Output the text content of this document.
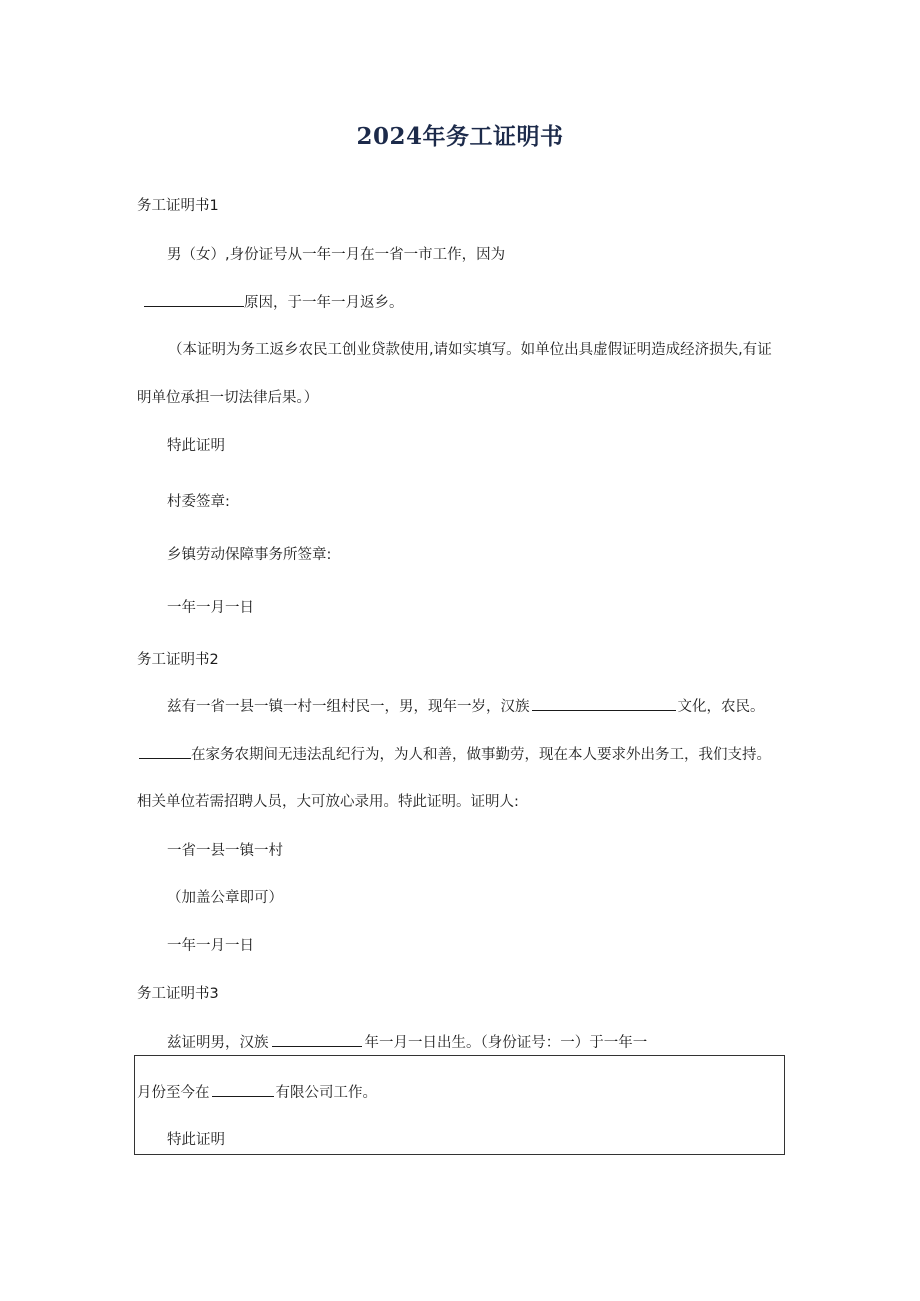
2024年务工证明书
务工证明书1
男（女）,身份证号从一年一月在一省一市工作，因为
原因，于一年一月返乡。
（本证明为务工返乡农民工创业贷款使用,请如实填写。如单位出具虚假证明造成经济损失,有证
明单位承担一切法律后果。）
特此证明
村委签章:
乡镇劳动保障事务所签章:
一年一月一日
务工证明书2
兹有一省一县一镇一村一组村民一，男，现年一岁，汉族	文化，农民。
在家务农期间无违法乱纪行为，为人和善，做事勤劳，现在本人要求外出务工，我们支持。
相关单位若需招聘人员，大可放心录用。特此证明。证明人:
一省一县一镇一村
（加盖公章即可）
一年一月一日
务工证明书3
兹证明男，汉族	年一月一日出生。（身份证号：一）于一年一
月份至今在	有限公司工作。
特此证明
